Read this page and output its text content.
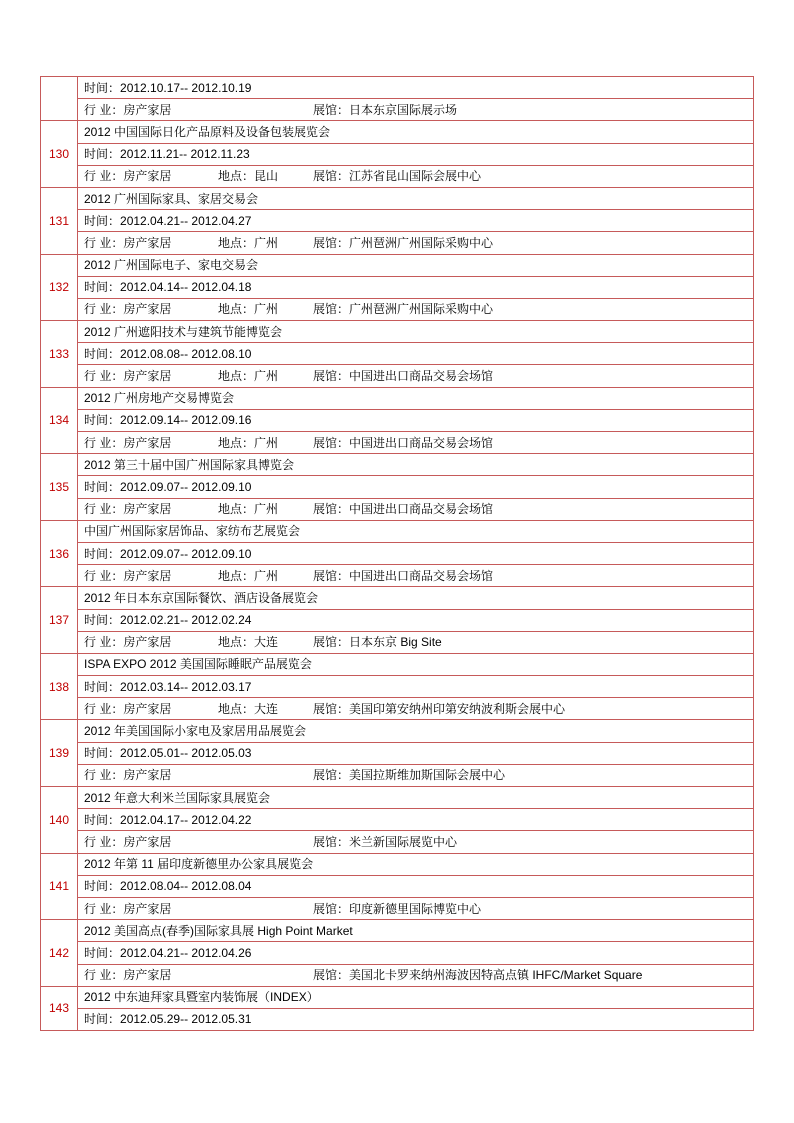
	时间：2012.10.17-- 2012.10.19
	行 业：房产家居 展馆：日本东京国际展示场
130	2012 中国国际日化产品原料及设备包装展览会
	时间：2012.11.21-- 2012.11.23
	行 业：房产家居 地点：昆山 展馆：江苏省昆山国际会展中心
131	2012 广州国际家具、家居交易会
	时间：2012.04.21-- 2012.04.27
	行 业：房产家居 地点：广州 展馆：广州琶洲广州国际采购中心
132	2012 广州国际电子、家电交易会
	时间：2012.04.14-- 2012.04.18
	行 业：房产家居 地点：广州 展馆：广州琶洲广州国际采购中心
133	2012 广州遮阳技术与建筑节能博览会
	时间：2012.08.08-- 2012.08.10
	行 业：房产家居 地点：广州 展馆：中国进出口商品交易会场馆
134	2012 广州房地产交易博览会
	时间：2012.09.14-- 2012.09.16
	行 业：房产家居 地点：广州 展馆：中国进出口商品交易会场馆
135	2012 第三十届中国广州国际家具博览会
	时间：2012.09.07-- 2012.09.10
	行 业：房产家居 地点：广州 展馆：中国进出口商品交易会场馆
136	中国广州国际家居饰品、家纺布艺展览会
	时间：2012.09.07-- 2012.09.10
	行 业：房产家居 地点：广州 展馆：中国进出口商品交易会场馆
137	2012 年日本东京国际餐饮、酒店设备展览会
	时间：2012.02.21-- 2012.02.24
	行 业：房产家居 地点：大连 展馆：日本东京 Big Site
138	ISPA EXPO 2012 美国国际睡眠产品展览会
	时间：2012.03.14-- 2012.03.17
	行 业：房产家居 地点：大连 展馆：美国印第安纳州印第安纳波利斯会展中心
139	2012 年美国国际小家电及家居用品展览会
	时间：2012.05.01-- 2012.05.03
	行 业：房产家居 展馆：美国拉斯维加斯国际会展中心
140	2012 年意大利米兰国际家具展览会
	时间：2012.04.17-- 2012.04.22
	行 业：房产家居 展馆：米兰新国际展览中心
141	2012 年第 11 届印度新德里办公家具展览会
	时间：2012.08.04-- 2012.08.04
	行 业：房产家居 展馆：印度新德里国际博览中心
142	2012 美国高点(春季)国际家具展 High Point Market
	时间：2012.04.21-- 2012.04.26
	行 业：房产家居 展馆：美国北卡罗来纳州海波因特高点镇 IHFC/Market Square
143	2012 中东迪拜家具暨室内装饰展（INDEX）
	时间：2012.05.29-- 2012.05.31
